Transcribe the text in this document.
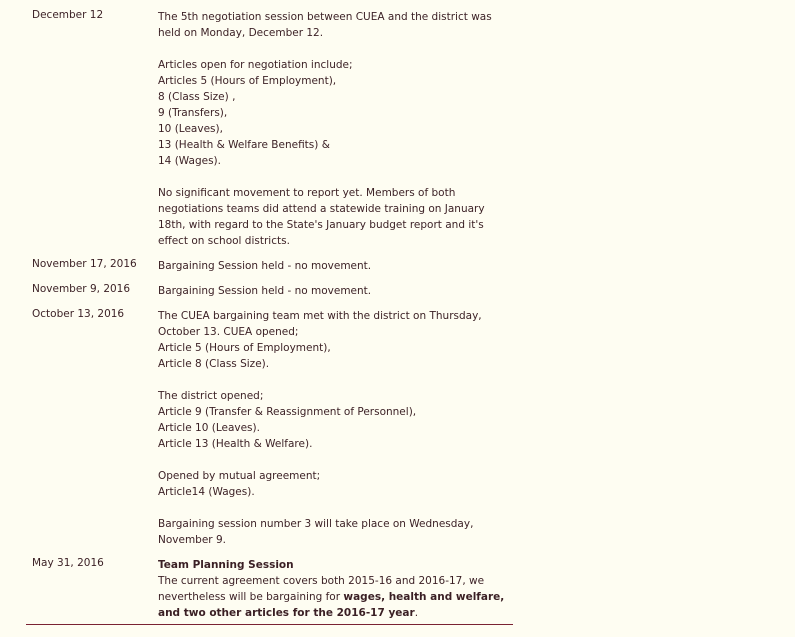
December 12	The 5th negotiation session between CUEA and the district was
held on Monday, December 12.
Articles open for negotiation include;
Articles 5 (Hours of Employment),
8 (Class Size) ,
9 (Transfers),
10 (Leaves),
13 (Health & Welfare Benefits) &
14 (Wages).
No significant movement to report yet. Members of both
negotiations teams did attend a statewide training on January
18th, with regard to the State's January budget report and it's
effect on school districts.
November 17, 2016 Bargaining Session held - no movement.
November 9, 2016	Bargaining Session held - no movement.
October 13, 2016	The CUEA bargaining team met with the district on Thursday,
October 13. CUEA opened;
Article 5 (Hours of Employment),
Article 8 (Class Size).
The district opened;
Article 9 (Transfer & Reassignment of Personnel),
Article 10 (Leaves).
Article 13 (Health & Welfare).
Opened by mutual agreement;
Article14 (Wages).
Bargaining session number 3 will take place on Wednesday,
November 9.
May 31, 2016	Team Planning Session
The current agreement covers both 2015-16 and 2016-17, we
nevertheless will be bargaining for wages, health and welfare,
and two other articles for the 2016-17 year.
